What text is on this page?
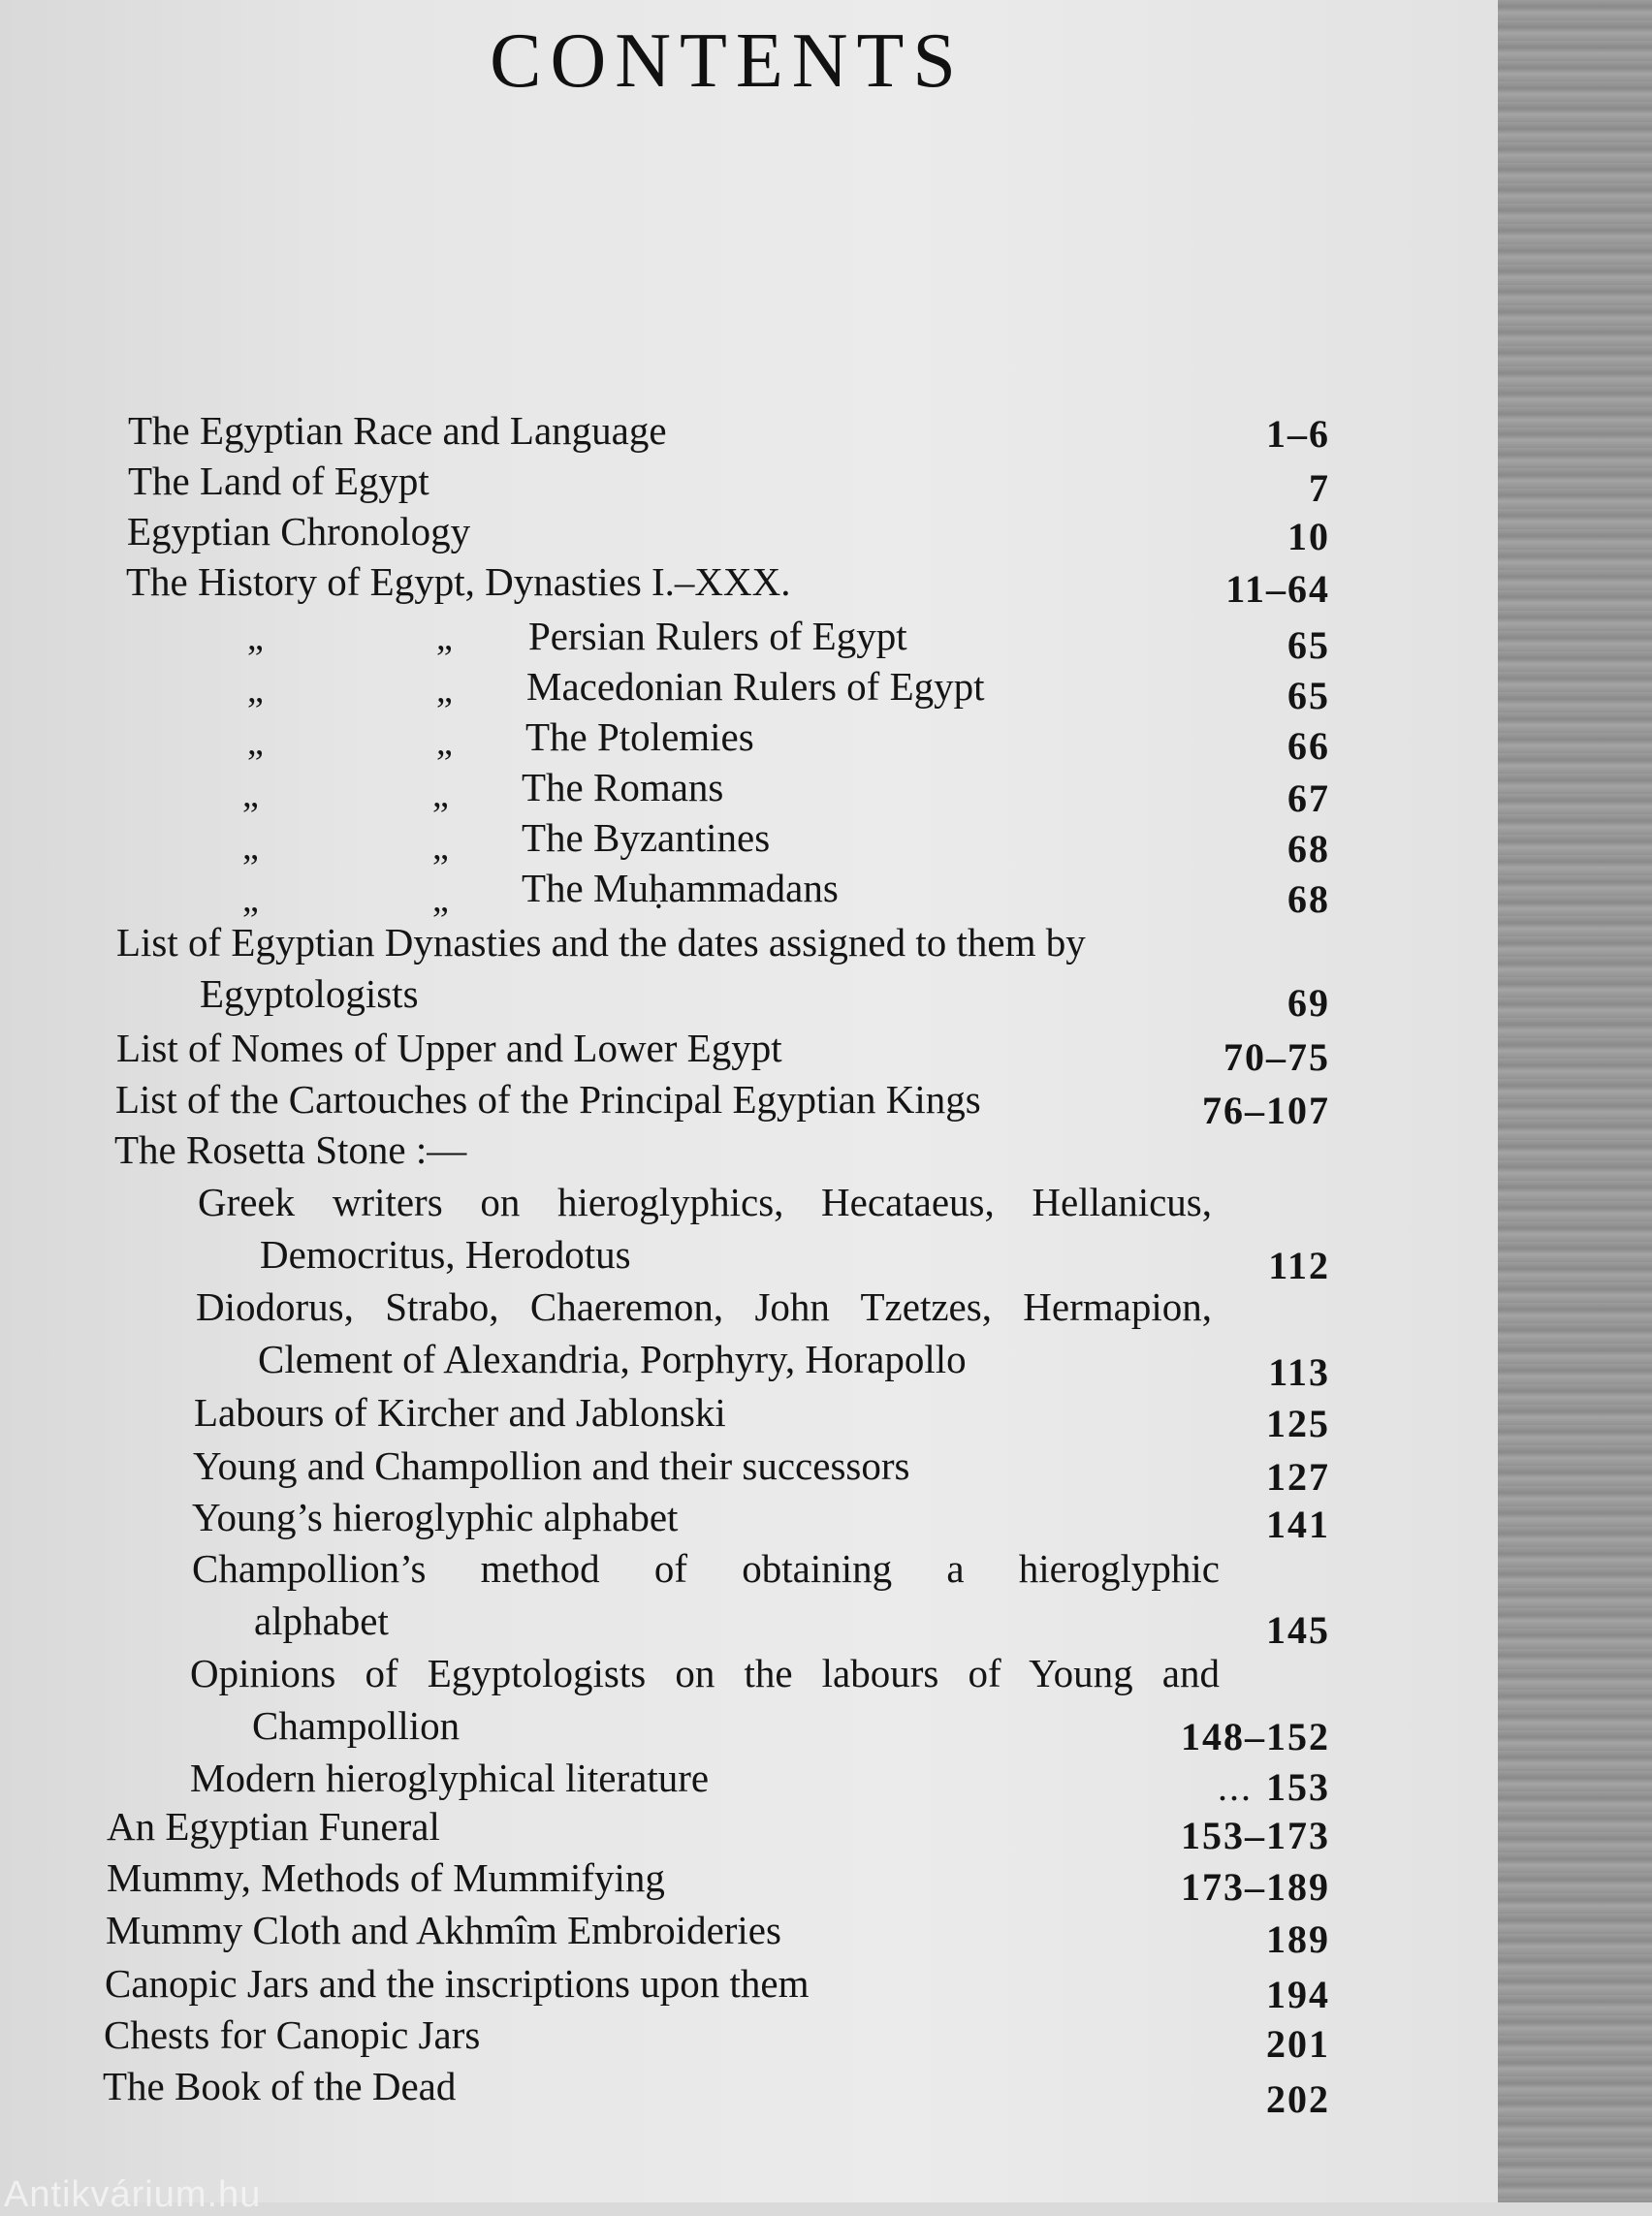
CONTENTS
The Egyptian Race and Language	1–6
The Land of Egypt	7
Egyptian Chronology	10
The History of Egypt, Dynasties I.–XXX.	11–64
„	„ Persian Rulers of Egypt	65
„	„ Macedonian Rulers of Egypt	65
„	„ The Ptolemies	66
„	„ The Romans	67
„	„ The Byzantines	68
„	„ The Muḥammadans	68
List of Egyptian Dynasties and the dates assigned to them by
Egyptologists	69
List of Nomes of Upper and Lower Egypt	70–75
List of the Cartouches of the Principal Egyptian Kings	76–107
The Rosetta Stone :—
Greek writers on hieroglyphics, Hecataeus, Hellanicus,
Democritus, Herodotus	112
Diodorus, Strabo, Chaeremon, John Tzetzes, Hermapion,
Clement of Alexandria, Porphyry, Horapollo	113
Labours of Kircher and Jablonski	125
Young and Champollion and their successors	127
Young’s hieroglyphic alphabet	141
Champollion’s method of obtaining a hieroglyphic
alphabet	145
Opinions of Egyptologists on the labours of Young and
Champollion	148–152
Modern hieroglyphical literature	... 153
An Egyptian Funeral	153–173
Mummy, Methods of Mummifying	173–189
Mummy Cloth and Akhmîm Embroideries	189
Canopic Jars and the inscriptions upon them	194
Chests for Canopic Jars	201
The Book of the Dead	202
Antikvárium.hu
